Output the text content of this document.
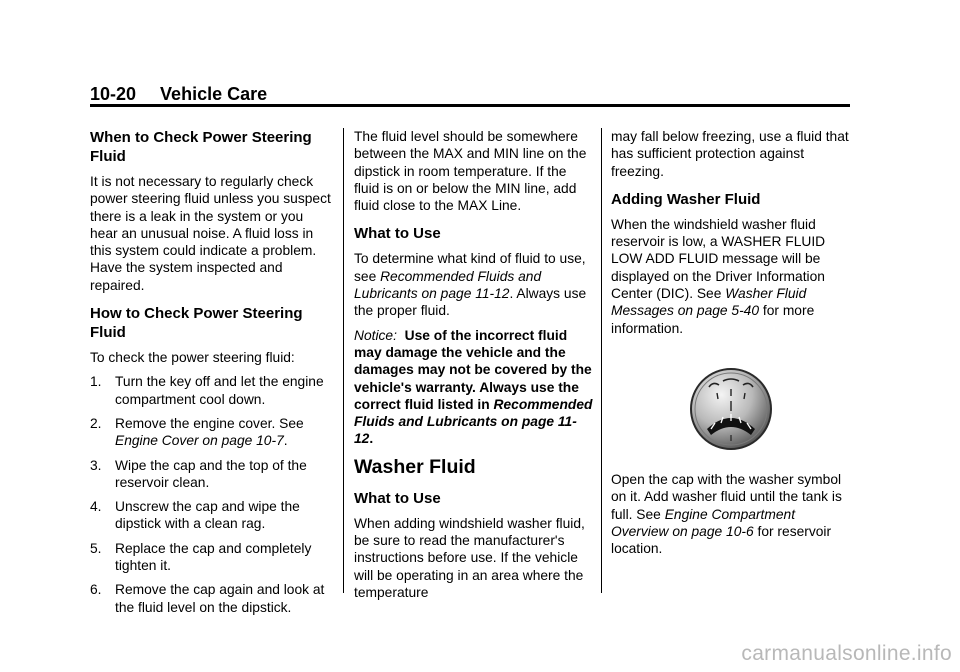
10-20 Vehicle Care
When to Check Power Steering Fluid

It is not necessary to regularly check power steering fluid unless you suspect there is a leak in the system or you hear an unusual noise. A fluid loss in this system could indicate a problem. Have the system inspected and repaired.

How to Check Power Steering Fluid

To check the power steering fluid:

1. Turn the key off and let the engine compartment cool down.
2. Remove the engine cover. See Engine Cover on page 10-7.
3. Wipe the cap and the top of the reservoir clean.
4. Unscrew the cap and wipe the dipstick with a clean rag.
5. Replace the cap and completely tighten it.
6. Remove the cap again and look at the fluid level on the dipstick.

The fluid level should be somewhere between the MAX and MIN line on the dipstick in room temperature. If the fluid is on or below the MIN line, add fluid close to the MAX Line.

What to Use

To determine what kind of fluid to use, see Recommended Fluids and Lubricants on page 11-12. Always use the proper fluid.

Notice: Use of the incorrect fluid may damage the vehicle and the damages may not be covered by the vehicle's warranty. Always use the correct fluid listed in Recommended Fluids and Lubricants on page 11-12.

Washer Fluid
What to Use

When adding windshield washer fluid, be sure to read the manufacturer's instructions before use. If the vehicle will be operating in an area where the temperature

may fall below freezing, use a fluid that has sufficient protection against freezing.

Adding Washer Fluid

When the windshield washer fluid reservoir is low, a WASHER FLUID LOW ADD FLUID message will be displayed on the Driver Information Center (DIC). See Washer Fluid Messages on page 5-40 for more information.

Open the cap with the washer symbol on it. Add washer fluid until the tank is full. See Engine Compartment Overview on page 10-6 for reservoir location.

carmanualsonline.info
